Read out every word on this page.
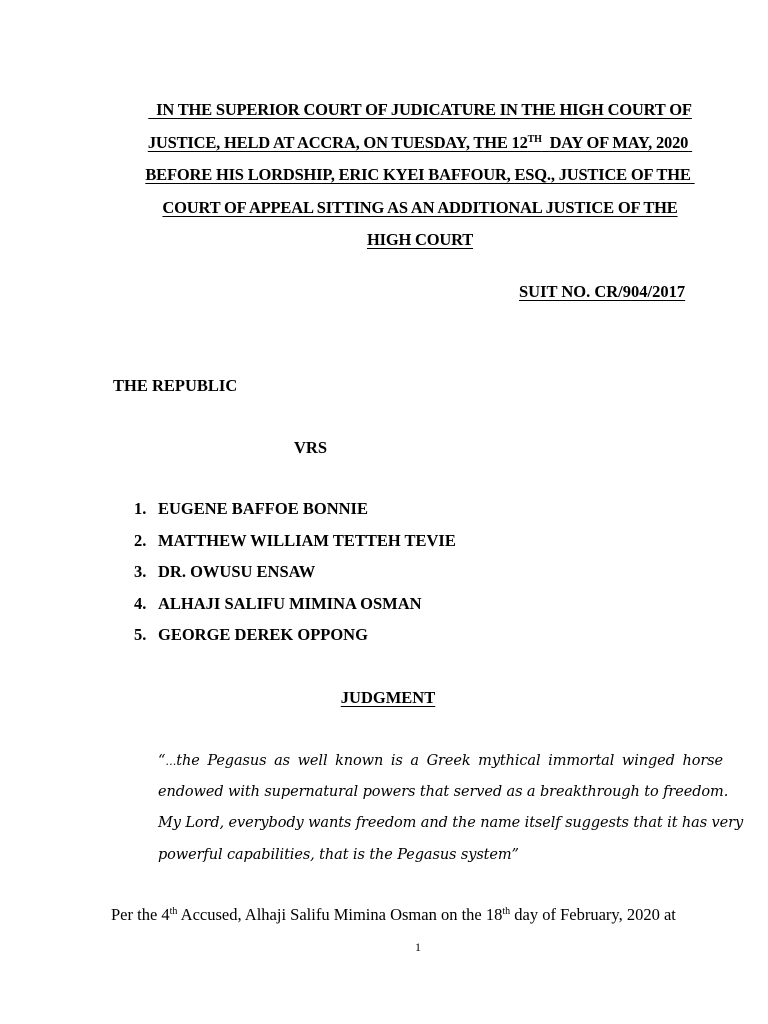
IN THE SUPERIOR COURT OF JUDICATURE IN THE HIGH COURT OF
JUSTICE, HELD AT ACCRA, ON TUESDAY, THE 12TH DAY OF MAY, 2020
BEFORE HIS LORDSHIP, ERIC KYEI BAFFOUR, ESQ., JUSTICE OF THE
COURT OF APPEAL SITTING AS AN ADDITIONAL JUSTICE OF THE
HIGH COURT
SUIT NO. CR/904/2017
THE REPUBLIC
VRS
1. EUGENE BAFFOE BONNIE
2. MATTHEW WILLIAM TETTEH TEVIE
3. DR. OWUSU ENSAW
4. ALHAJI SALIFU MIMINA OSMAN
5. GEORGE DEREK OPPONG
JUDGMENT
“…the Pegasus as well known is a Greek mythical immortal winged horse
endowed with supernatural powers that served as a breakthrough to freedom.
My Lord, everybody wants freedom and the name itself suggests that it has very
powerful capabilities, that is the Pegasus system”
Per the 4th Accused, Alhaji Salifu Mimina Osman on the 18th day of February, 2020 at
1
